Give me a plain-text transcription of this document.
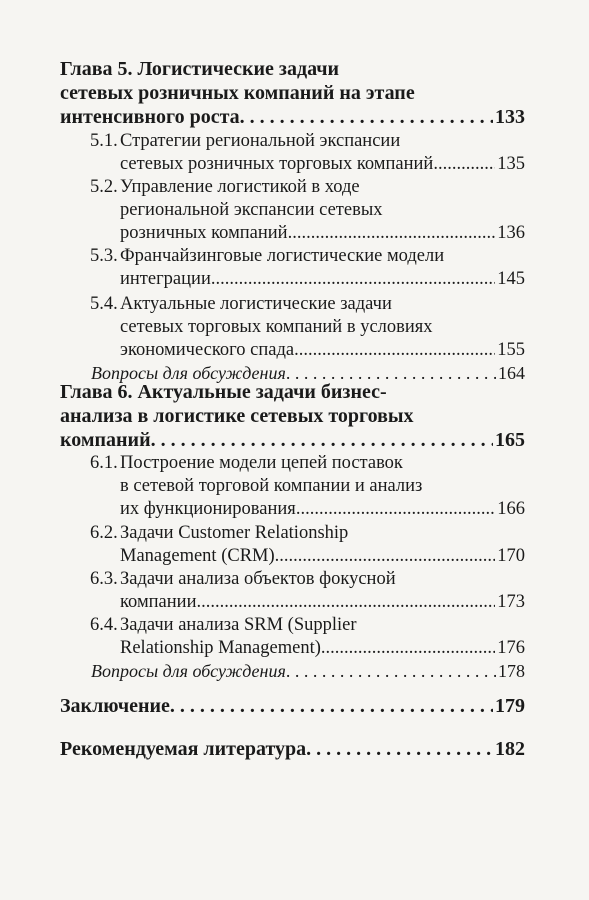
Глава 5. Логистические задачи
сетевых розничных компаний на этапе
интенсивного роста . . .	133
5.1. Стратегии региональной экспансии
сетевых розничных торговых компаний .....	135
5.2. Управление логистикой в ходе
региональной экспансии сетевых
розничных компаний .....	136
5.3. Франчайзинговые логистические модели
интеграции .....	145
5.4. Актуальные логистические задачи
сетевых торговых компаний в условиях
экономического спада .....	155
Вопросы для обсуждения . . .	164
Глава 6. Актуальные задачи бизнес-
анализа в логистике сетевых торговых
компаний . . .	165
6.1. Построение модели цепей поставок
в сетевой торговой компании и анализ
их функционирования .....	166
6.2. Задачи Customer Relationship
Management (CRM) .....	170
6.3. Задачи анализа объектов фокусной
компании .....	173
6.4. Задачи анализа SRM (Supplier
Relationship Management) .....	176
Вопросы для обсуждения . . .	178
Заключение . . .	179
Рекомендуемая литература . . .	182
